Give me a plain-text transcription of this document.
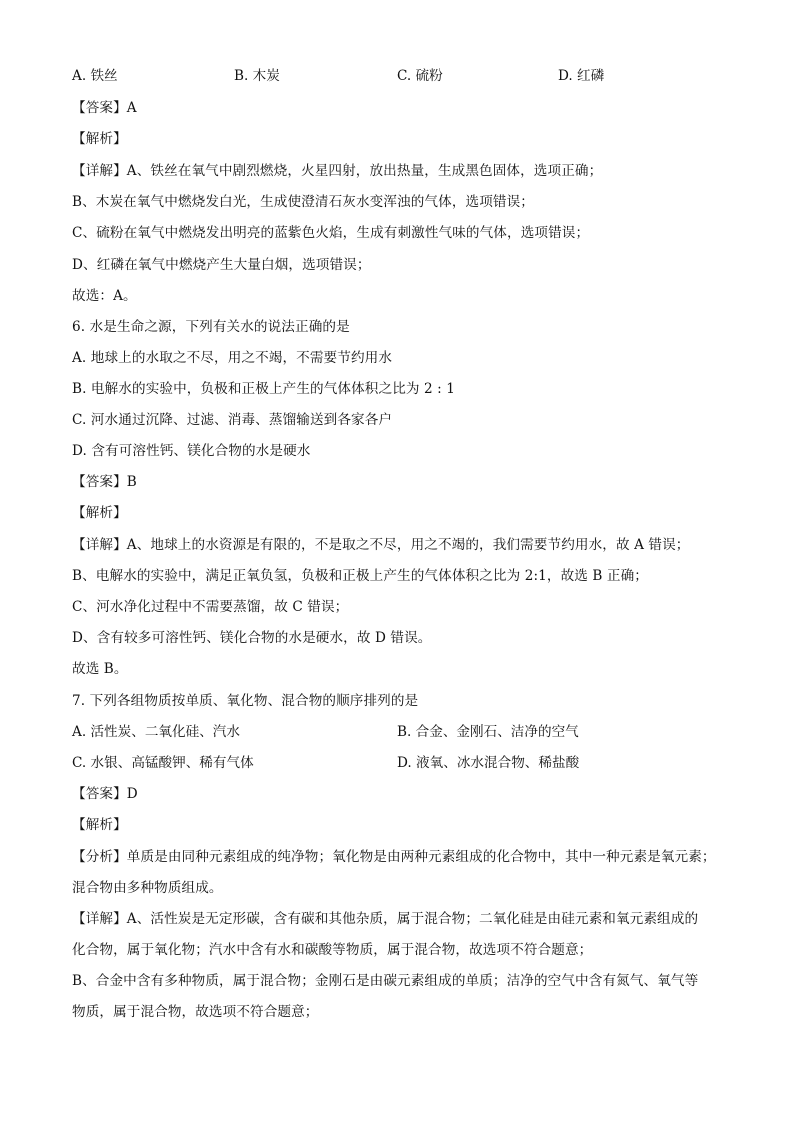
A. 铁丝	B. 木炭	C. 硫粉	D. 红磷
【答案】A
【解析】
【详解】A、铁丝在氧气中剧烈燃烧，火星四射，放出热量，生成黑色固体，选项正确；
B、木炭在氧气中燃烧发白光，生成使澄清石灰水变浑浊的气体，选项错误；
C、硫粉在氧气中燃烧发出明亮的蓝紫色火焰，生成有刺激性气味的气体，选项错误；
D、红磷在氧气中燃烧产生大量白烟，选项错误；
故选：A。
6. 水是生命之源，下列有关水的说法正确的是
A. 地球上的水取之不尽，用之不竭，不需要节约用水
B. 电解水的实验中，负极和正极上产生的气体体积之比为 2 : 1
C. 河水通过沉降、过滤、消毒、蒸馏输送到各家各户
D. 含有可溶性钙、镁化合物的水是硬水
【答案】B
【解析】
【详解】A、地球上的水资源是有限的，不是取之不尽，用之不竭的，我们需要节约用水，故 A 错误；
B、电解水的实验中，满足正氧负氢，负极和正极上产生的气体体积之比为 2:1，故选 B 正确；
C、河水净化过程中不需要蒸馏，故 C 错误；
D、含有较多可溶性钙、镁化合物的水是硬水，故 D 错误。
故选 B。
7. 下列各组物质按单质、氧化物、混合物的顺序排列的是
A. 活性炭、二氧化硅、汽水	B. 合金、金刚石、洁净的空气
C. 水银、高锰酸钾、稀有气体	D. 液氧、冰水混合物、稀盐酸
【答案】D
【解析】
【分析】单质是由同种元素组成的纯净物；氧化物是由两种元素组成的化合物中，其中一种元素是氧元素；
混合物由多种物质组成。
【详解】A、活性炭是无定形碳，含有碳和其他杂质，属于混合物；二氧化硅是由硅元素和氧元素组成的
化合物，属于氧化物；汽水中含有水和碳酸等物质，属于混合物，故选项不符合题意；
B、合金中含有多种物质，属于混合物；金刚石是由碳元素组成的单质；洁净的空气中含有氮气、氧气等
物质，属于混合物，故选项不符合题意；
